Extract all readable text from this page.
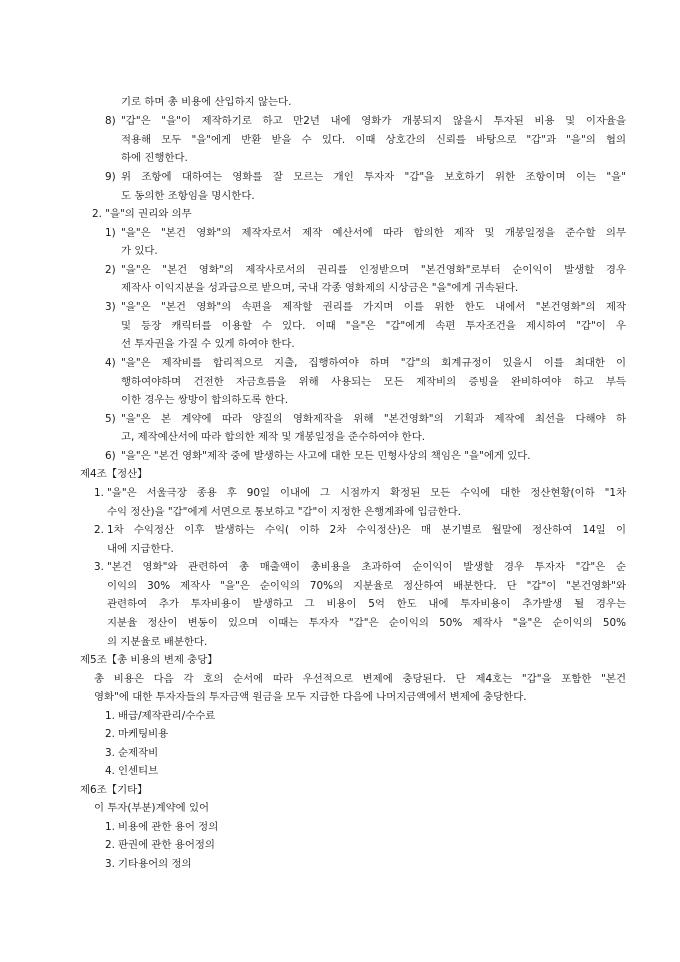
기로 하며 총 비용에 산입하지 않는다.
8) "갑"은 "을"이 제작하기로 하고 만2년 내에 영화가 개봉되지 않을시 투자된 비용 및 이자율을
적용해 모두 "을"에게 반환 받을 수 있다. 이때 상호간의 신뢰를 바탕으로 "갑"과 "을"의 협의
하에 진행한다.
9) 위 조항에 대하여는 영화를 잘 모르는 개인 투자자 "갑"을 보호하기 위한 조항이며 이는 "을"
도 동의한 조항임을 명시한다.
2. "을"의 권리와 의무
1) "을"은 "본건 영화"의 제작자로서 제작 예산서에 따라 합의한 제작 및 개봉일정을 준수할 의무
가 있다.
2) "을"은 "본건 영화"의 제작사로서의 권리를 인정받으며 "본건영화"로부터 순이익이 발생할 경우
제작사 이익지분을 성과급으로 받으며, 국내 각종 영화제의 시상금은 "을"에게 귀속된다.
3) "을"은 "본건 영화"의 속편을 제작할 권리를 가지며 이를 위한 한도 내에서 "본건영화"의 제작
및 등장 캐릭터를 이용할 수 있다. 이때 "을"은 "갑"에게 속편 투자조건을 제시하여 "갑"이 우
선 투자권을 가질 수 있게 하여야 한다.
4) "을"은 제작비를 합리적으로 지출, 집행하여야 하며 "갑"의 회계규정이 있을시 이를 최대한 이
행하여야하며 건전한 자금흐름을 위해 사용되는 모든 제작비의 증빙을 완비하여야 하고 부득
이한 경우는 쌍방이 합의하도록 한다.
5) "을"은 본 계약에 따라 양질의 영화제작을 위해 "본건영화"의 기획과 제작에 최선을 다해야 하
고, 제작예산서에 따라 합의한 제작 및 개봉일정을 준수하여야 한다.
6) "을"은 "본건 영화"제작 중에 발생하는 사고에 대한 모든 민형사상의 책임은 "을"에게 있다.
제4조【정산】
1. "을"은 서울극장 종용 후 90일 이내에 그 시점까지 확정된 모든 수익에 대한 정산현황(이하 "1차
수익 정산)을 "갑"에게 서면으로 통보하고 "갑"이 지정한 은행계좌에 입금한다.
2. 1차 수익정산 이후 발생하는 수익( 이하 2차 수익정산)은 매 분기별로 월말에 정산하여 14일 이
내에 지급한다.
3. "본건 영화"와 관련하여 총 매출액이 총비용을 초과하여 순이익이 발생할 경우 투자자 "갑"은 순
이익의 30% 제작사 "을"은 순이익의 70%의 지분율로 정산하여 배분한다. 단 "갑"이 "본건영화"와
관련하여 추가 투자비용이 발생하고 그 비용이 5억 한도 내에 투자비용이 추가발생 될 경우는
지분율 정산이 변동이 있으며 이때는 투자자 "갑"은 순이익의 50% 제작사 "을"은 순이익의 50%
의 지분율로 배분한다.
제5조【총 비용의 변제 충당】
총 비용은 다음 각 호의 순서에 따라 우선적으로 변제에 충당된다. 단 제4호는 "갑"을 포함한 "본건
영화"에 대한 투자자들의 투자금액 원금을 모두 지급한 다음에 나머지금액에서 변제에 충당한다.
1. 배급/제작관리/수수료
2. 마케팅비용
3. 순제작비
4. 인센티브
제6조【기타】
이 투자(부분)계약에 있어
1. 비용에 관한 용어 정의
2. 판권에 관한 용어정의
3. 기타용어의 정의
